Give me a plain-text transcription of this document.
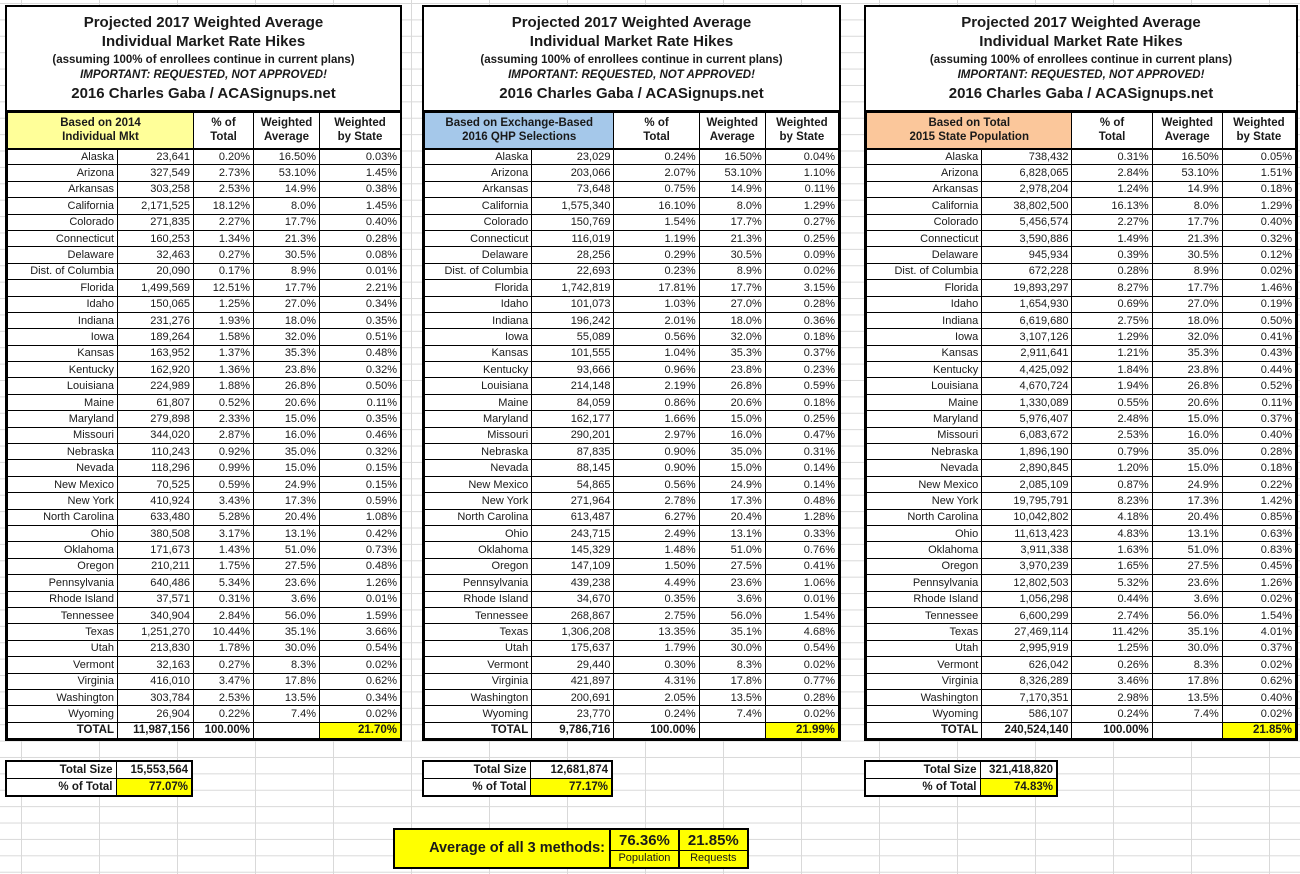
Projected 2017 Weighted Average
Individual Market Rate Hikes
(assuming 100% of enrollees continue in current plans)
IMPORTANT: REQUESTED, NOT APPROVED!
2016 Charles Gaba / ACASignups.net
Based on 2014
Individual Mkt

% of
Total

Weighted
Average

Weighted
by State

Alaska	23,641	0.20%	16.50%	0.03%
Arizona	327,549	2.73%	53.10%	1.45%
Arkansas	303,258	2.53%	14.9%	0.38%
California	2,171,525	18.12%	8.0%	1.45%
Colorado	271,835	2.27%	17.7%	0.40%
Connecticut	160,253	1.34%	21.3%	0.28%
Delaware	32,463	0.27%	30.5%	0.08%
Dist. of Columbia	20,090	0.17%	8.9%	0.01%
Florida	1,499,569	12.51%	17.7%	2.21%
Idaho	150,065	1.25%	27.0%	0.34%
Indiana	231,276	1.93%	18.0%	0.35%
Iowa	189,264	1.58%	32.0%	0.51%
Kansas	163,952	1.37%	35.3%	0.48%
Kentucky	162,920	1.36%	23.8%	0.32%
Louisiana	224,989	1.88%	26.8%	0.50%
Maine	61,807	0.52%	20.6%	0.11%
Maryland	279,898	2.33%	15.0%	0.35%
Missouri	344,020	2.87%	16.0%	0.46%
Nebraska	110,243	0.92%	35.0%	0.32%
Nevada	118,296	0.99%	15.0%	0.15%
New Mexico	70,525	0.59%	24.9%	0.15%
New York	410,924	3.43%	17.3%	0.59%
North Carolina	633,480	5.28%	20.4%	1.08%
Ohio	380,508	3.17%	13.1%	0.42%
Oklahoma	171,673	1.43%	51.0%	0.73%
Oregon	210,211	1.75%	27.5%	0.48%
Pennsylvania	640,486	5.34%	23.6%	1.26%
Rhode Island	37,571	0.31%	3.6%	0.01%
Tennessee	340,904	2.84%	56.0%	1.59%
Texas	1,251,270	10.44%	35.1%	3.66%
Utah	213,830	1.78%	30.0%	0.54%
Vermont	32,163	0.27%	8.3%	0.02%
Virginia	416,010	3.47%	17.8%	0.62%
Washington	303,784	2.53%	13.5%	0.34%
Wyoming	26,904	0.22%	7.4%	0.02%
TOTAL	11,987,156	100.00%		21.70%
Total Size	15,553,564
% of Total	77.07%
Projected 2017 Weighted Average
Individual Market Rate Hikes
(assuming 100% of enrollees continue in current plans)
IMPORTANT: REQUESTED, NOT APPROVED!
2016 Charles Gaba / ACASignups.net
Based on Exchange-Based
2016 QHP Selections

% of
Total

Weighted
Average

Weighted
by State

Alaska	23,029	0.24%	16.50%	0.04%
Arizona	203,066	2.07%	53.10%	1.10%
Arkansas	73,648	0.75%	14.9%	0.11%
California	1,575,340	16.10%	8.0%	1.29%
Colorado	150,769	1.54%	17.7%	0.27%
Connecticut	116,019	1.19%	21.3%	0.25%
Delaware	28,256	0.29%	30.5%	0.09%
Dist. of Columbia	22,693	0.23%	8.9%	0.02%
Florida	1,742,819	17.81%	17.7%	3.15%
Idaho	101,073	1.03%	27.0%	0.28%
Indiana	196,242	2.01%	18.0%	0.36%
Iowa	55,089	0.56%	32.0%	0.18%
Kansas	101,555	1.04%	35.3%	0.37%
Kentucky	93,666	0.96%	23.8%	0.23%
Louisiana	214,148	2.19%	26.8%	0.59%
Maine	84,059	0.86%	20.6%	0.18%
Maryland	162,177	1.66%	15.0%	0.25%
Missouri	290,201	2.97%	16.0%	0.47%
Nebraska	87,835	0.90%	35.0%	0.31%
Nevada	88,145	0.90%	15.0%	0.14%
New Mexico	54,865	0.56%	24.9%	0.14%
New York	271,964	2.78%	17.3%	0.48%
North Carolina	613,487	6.27%	20.4%	1.28%
Ohio	243,715	2.49%	13.1%	0.33%
Oklahoma	145,329	1.48%	51.0%	0.76%
Oregon	147,109	1.50%	27.5%	0.41%
Pennsylvania	439,238	4.49%	23.6%	1.06%
Rhode Island	34,670	0.35%	3.6%	0.01%
Tennessee	268,867	2.75%	56.0%	1.54%
Texas	1,306,208	13.35%	35.1%	4.68%
Utah	175,637	1.79%	30.0%	0.54%
Vermont	29,440	0.30%	8.3%	0.02%
Virginia	421,897	4.31%	17.8%	0.77%
Washington	200,691	2.05%	13.5%	0.28%
Wyoming	23,770	0.24%	7.4%	0.02%
TOTAL	9,786,716	100.00%		21.99%
Total Size	12,681,874
% of Total	77.17%
Projected 2017 Weighted Average
Individual Market Rate Hikes
(assuming 100% of enrollees continue in current plans)
IMPORTANT: REQUESTED, NOT APPROVED!
2016 Charles Gaba / ACASignups.net
Based on Total
2015 State Population

% of
Total

Weighted
Average

Weighted
by State

Alaska	738,432	0.31%	16.50%	0.05%
Arizona	6,828,065	2.84%	53.10%	1.51%
Arkansas	2,978,204	1.24%	14.9%	0.18%
California	38,802,500	16.13%	8.0%	1.29%
Colorado	5,456,574	2.27%	17.7%	0.40%
Connecticut	3,590,886	1.49%	21.3%	0.32%
Delaware	945,934	0.39%	30.5%	0.12%
Dist. of Columbia	672,228	0.28%	8.9%	0.02%
Florida	19,893,297	8.27%	17.7%	1.46%
Idaho	1,654,930	0.69%	27.0%	0.19%
Indiana	6,619,680	2.75%	18.0%	0.50%
Iowa	3,107,126	1.29%	32.0%	0.41%
Kansas	2,911,641	1.21%	35.3%	0.43%
Kentucky	4,425,092	1.84%	23.8%	0.44%
Louisiana	4,670,724	1.94%	26.8%	0.52%
Maine	1,330,089	0.55%	20.6%	0.11%
Maryland	5,976,407	2.48%	15.0%	0.37%
Missouri	6,083,672	2.53%	16.0%	0.40%
Nebraska	1,896,190	0.79%	35.0%	0.28%
Nevada	2,890,845	1.20%	15.0%	0.18%
New Mexico	2,085,109	0.87%	24.9%	0.22%
New York	19,795,791	8.23%	17.3%	1.42%
North Carolina	10,042,802	4.18%	20.4%	0.85%
Ohio	11,613,423	4.83%	13.1%	0.63%
Oklahoma	3,911,338	1.63%	51.0%	0.83%
Oregon	3,970,239	1.65%	27.5%	0.45%
Pennsylvania	12,802,503	5.32%	23.6%	1.26%
Rhode Island	1,056,298	0.44%	3.6%	0.02%
Tennessee	6,600,299	2.74%	56.0%	1.54%
Texas	27,469,114	11.42%	35.1%	4.01%
Utah	2,995,919	1.25%	30.0%	0.37%
Vermont	626,042	0.26%	8.3%	0.02%
Virginia	8,326,289	3.46%	17.8%	0.62%
Washington	7,170,351	2.98%	13.5%	0.40%
Wyoming	586,107	0.24%	7.4%	0.02%
TOTAL	240,524,140	100.00%		21.85%
Total Size	321,418,820
% of Total	74.83%
Average of all 3 methods: 76.36%
Population
21.85%
Requests
